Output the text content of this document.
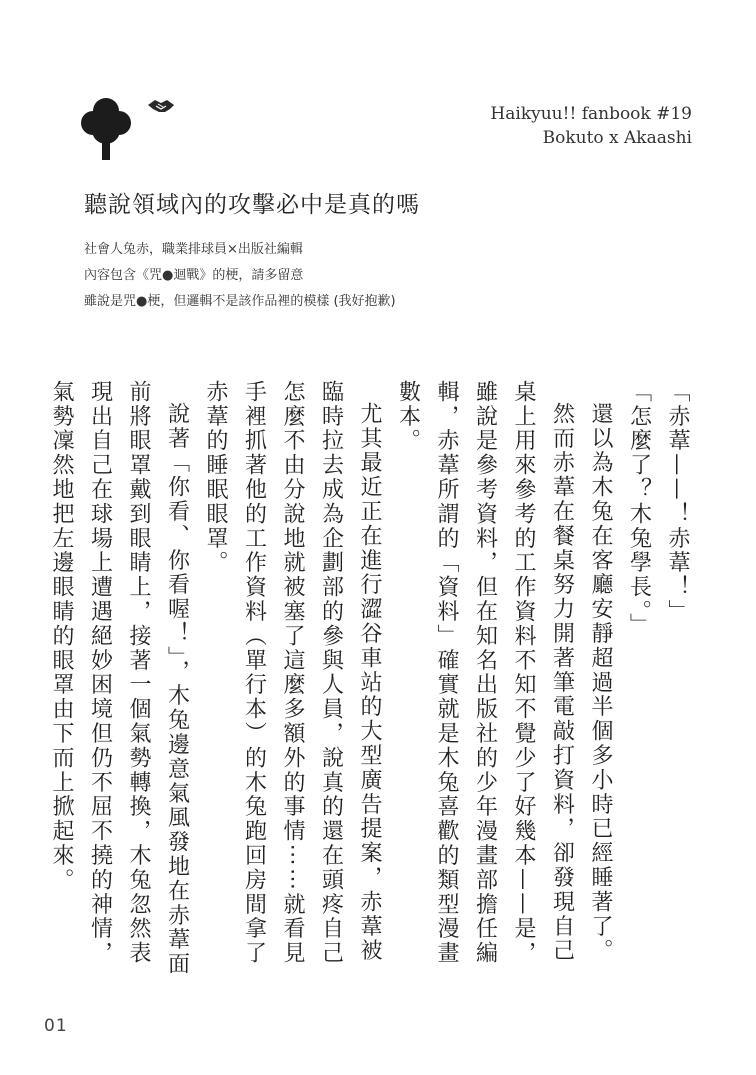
Haikyuu!! fanbook #19
Bokuto x Akaashi
聽說領域內的攻擊必中是真的嗎
社會人兔赤，職業排球員×出版社編輯
內容包含《咒●迴戰》的梗，請多留意
雖說是咒●梗，但邏輯不是該作品裡的模樣 (我好抱歉)

「赤葦——！赤葦！」

「怎麼了？木兔學長。」

還以為木兔在客廳安靜超過半個多小時已經睡著了。

然而赤葦在餐桌努力開著筆電敲打資料，卻發現自己桌上用來參考的工作資料不知不覺少了好幾本——是，雖說是參考資料，但在知名出版社的少年漫畫部擔任編輯，赤葦所謂的「資料」確實就是木兔喜歡的類型漫畫數本。

尤其最近正在進行澀谷車站的大型廣告提案，赤葦被臨時拉去成為企劃部的參與人員，說真的還在頭疼自己怎麼不由分說地就被塞了這麼多額外的事情⋯⋯就看見手裡抓著他的工作資料（單行本）的木兔跑回房間拿了赤葦的睡眠眼罩。

說著「你看、你看喔！」，木兔邊意氣風發地在赤葦面前將眼罩戴到眼睛上，接著一個氣勢轉換，木兔忽然表現出自己在球場上遭遇絕妙困境但仍不屈不撓的神情，氣勢凜然地把左邊眼睛的眼罩由下而上掀起來。

01
